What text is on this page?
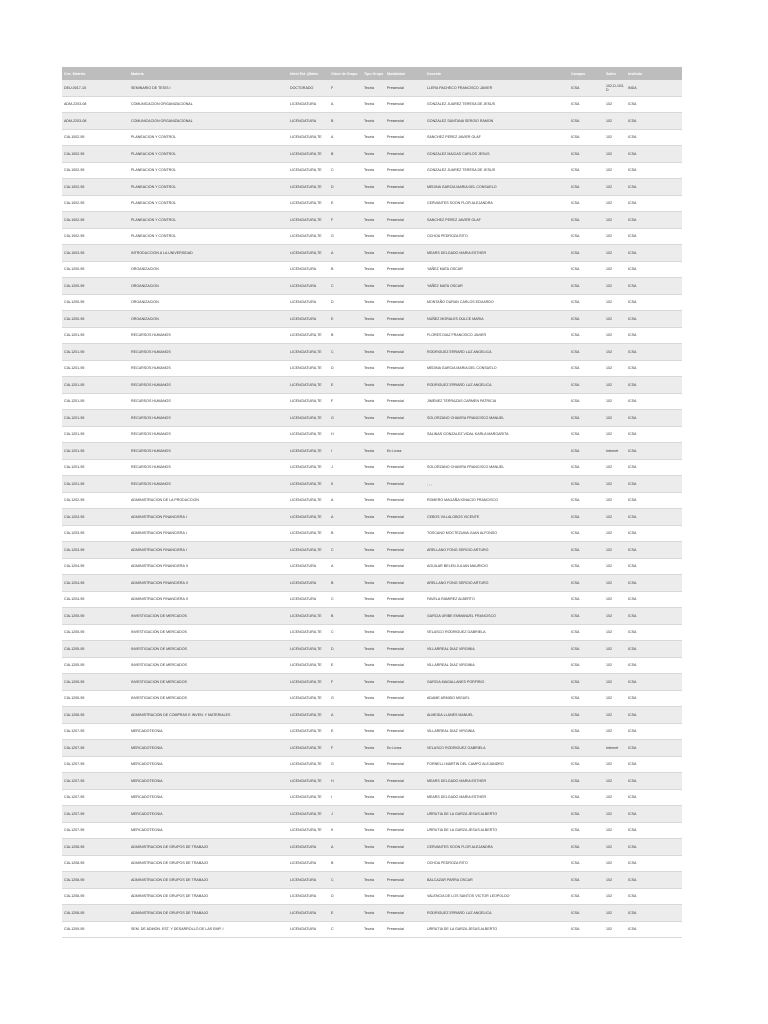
Cve. Materia	Materia	Nivel Est. (Mater.	Clave de Grupo	Tipo Grupo	Modalidad	Docente	Campus	Salón	Instituto
DEU-0017-15	SEMINARIO DE TESIS I	DOCTORADO	F	Teoría	Presencial	LLERA PACHECO FRANCISCO JAVIER	ICSA	102-D-103-D	INDA
ADM-2203-08	COMUNICACION ORGANIZACIONAL	LICENCIATURA	A	Teoría	Presencial	GONZALEZ JUAREZ TERESA DE JESUS	ICSA	102	ICSA
ADM-2203-08	COMUNICACION ORGANIZACIONAL	LICENCIATURA	B	Teoría	Presencial	GONZALEZ SANTANA SERGIO RAMON	ICSA	102	ICSA
CIA-1002-95	PLANEACION Y CONTROL	LICENCIATURA,TE	A	Teoría	Presencial	SANCHEZ PEREZ JAVIER OLAF	ICSA	102	ICSA
CIA-1002-95	PLANEACION Y CONTROL	LICENCIATURA,TE	B	Teoría	Presencial	GONZALEZ MACIAS CARLOS JESUS	ICSA	102	ICSA
CIA-1002-95	PLANEACION Y CONTROL	LICENCIATURA,TE	C	Teoría	Presencial	GONZALEZ JUAREZ TERESA DE JESUS	ICSA	102	ICSA
CIA-1002-95	PLANEACION Y CONTROL	LICENCIATURA,TE	D	Teoría	Presencial	MEDINA GARCIA MARIA DEL CONSUELO	ICSA	102	ICSA
CIA-1002-95	PLANEACION Y CONTROL	LICENCIATURA,TE	E	Teoría	Presencial	CERVANTES SOON FLOR ALEJANDRA	ICSA	102	ICSA
CIA-1002-95	PLANEACION Y CONTROL	LICENCIATURA,TE	F	Teoría	Presencial	SANCHEZ PEREZ JAVIER OLAF	ICSA	102	ICSA
CIA-1002-95	PLANEACION Y CONTROL	LICENCIATURA,TE	G	Teoría	Presencial	OCHOA PEDROZA RITO	ICSA	102	ICSA
CIA-1003-95	INTRODUCCION A LA UNIVERSIDAD	LICENCIATURA,TE	A	Teoría	Presencial	MEARS DELGADO MARIA ESTHER	ICSA	102	ICSA
CIA-1200-95	ORGANIZACION	LICENCIATURA	B	Teoría	Presencial	YAÑEZ MATA OSCAR	ICSA	102	ICSA
CIA-1200-95	ORGANIZACION	LICENCIATURA	C	Teoría	Presencial	YAÑEZ MATA OSCAR	ICSA	102	ICSA
CIA-1200-95	ORGANIZACION	LICENCIATURA	D	Teoría	Presencial	MONTAÑO DURAN CARLOS EDUARDO	ICSA	102	ICSA
CIA-1200-95	ORGANIZACION	LICENCIATURA	E	Teoría	Presencial	NUÑEZ MORALES DULCE MARIA	ICSA	102	ICSA
CIA-1201-95	RECURSOS HUMANOS	LICENCIATURA,TE	B	Teoría	Presencial	FLORES DIAZ FRANCISCO JAVIER	ICSA	102	ICSA
CIA-1201-95	RECURSOS HUMANOS	LICENCIATURA,TE	C	Teoría	Presencial	RODRIGUEZ ERRARD LUZ ANGELICA	ICSA	102	ICSA
CIA-1201-95	RECURSOS HUMANOS	LICENCIATURA,TE	D	Teoría	Presencial	MEDINA GARCIA MARIA DEL CONSUELO	ICSA	102	ICSA
CIA-1201-95	RECURSOS HUMANOS	LICENCIATURA,TE	E	Teoría	Presencial	RODRIGUEZ ERRARD LUZ ANGELICA	ICSA	102	ICSA
CIA-1201-95	RECURSOS HUMANOS	LICENCIATURA,TE	F	Teoría	Presencial	JIMENEZ TERRAZAS CARMEN PATRICIA	ICSA	102	ICSA
CIA-1201-95	RECURSOS HUMANOS	LICENCIATURA,TE	G	Teoría	Presencial	SOLORZANO CHAVIRA FRANCISCO MANUEL	ICSA	102	ICSA
CIA-1201-95	RECURSOS HUMANOS	LICENCIATURA,TE	H	Teoría	Presencial	SALINAS GONZALEZ VIDAL KARLA MARGARITA	ICSA	102	ICSA
CIA-1201-95	RECURSOS HUMANOS	LICENCIATURA,TE	I	Teoría	En Línea		ICSA	Internet	ICSA
CIA-1201-95	RECURSOS HUMANOS	LICENCIATURA,TE	J	Teoría	Presencial	SOLORZANO CHAVIRA FRANCISCO MANUEL	ICSA	102	ICSA
CIA-1201-95	RECURSOS HUMANOS	LICENCIATURA,TE	K	Teoría	Presencial	, , ,	ICSA	102	ICSA
CIA-1202-95	ADMINISTRACION DE LA PRODUCCION	LICENCIATURA,TE	A	Teoría	Presencial	ROMERO MAGAÑA IGNACIO FRANCISCO	ICSA	102	ICSA
CIA-1203-95	ADMINISTRACION FINANCIERA I	LICENCIATURA,TE	A	Teoría	Presencial	CEBOS VILLALOBOS VICENTE	ICSA	102	ICSA
CIA-1203-95	ADMINISTRACION FINANCIERA I	LICENCIATURA,TE	B	Teoría	Presencial	TOSCANO MOCTEZUMA JUAN ALFONSO	ICSA	102	ICSA
CIA-1203-95	ADMINISTRACION FINANCIERA I	LICENCIATURA,TE	C	Teoría	Presencial	ARELLANO FONG SERGIO ARTURO	ICSA	102	ICSA
CIA-1204-95	ADMINISTRACION FINANCIERA II	LICENCIATURA	A	Teoría	Presencial	AGUILAR BELEN JULIAN MAURICIO	ICSA	102	ICSA
CIA-1204-95	ADMINISTRACION FINANCIERA II	LICENCIATURA	B	Teoría	Presencial	ARELLANO FONG SERGIO ARTURO	ICSA	102	ICSA
CIA-1204-95	ADMINISTRACION FINANCIERA II	LICENCIATURA	C	Teoría	Presencial	FAVELA RAMIREZ ALBERTO	ICSA	102	ICSA
CIA-1205-95	INVESTIGACION DE MERCADOS	LICENCIATURA,TE	B	Teoría	Presencial	GARCIA URIBE EMMANUEL FRANCISCO	ICSA	102	ICSA
CIA-1205-95	INVESTIGACION DE MERCADOS	LICENCIATURA,TE	C	Teoría	Presencial	VELASCO RODRIGUEZ GABRIELA	ICSA	102	ICSA
CIA-1205-95	INVESTIGACION DE MERCADOS	LICENCIATURA,TE	D	Teoría	Presencial	VILLARREAL DIAZ VIRGINIA	ICSA	102	ICSA
CIA-1205-95	INVESTIGACION DE MERCADOS	LICENCIATURA,TE	E	Teoría	Presencial	VILLARREAL DIAZ VIRGINIA	ICSA	102	ICSA
CIA-1205-95	INVESTIGACION DE MERCADOS	LICENCIATURA,TE	F	Teoría	Presencial	GARCIA MAGALLANES PORFIRIO	ICSA	102	ICSA
CIA-1205-95	INVESTIGACION DE MERCADOS	LICENCIATURA,TE	G	Teoría	Presencial	ADAME ARMIDO MIGUEL	ICSA	102	ICSA
CIA-1206-95	ADMINISTRACION DE COMPRAS E INVEN. Y MATERIALES	LICENCIATURA,TE	A	Teoría	Presencial	ALMEIDA LLANES MANUEL	ICSA	102	ICSA
CIA-1207-95	MERCADOTECNIA	LICENCIATURA,TE	E	Teoría	Presencial	VILLARREAL DIAZ VIRGINIA	ICSA	102	ICSA
CIA-1207-95	MERCADOTECNIA	LICENCIATURA,TE	F	Teoría	En Línea	VELASCO RODRIGUEZ GABRIELA	ICSA	Internet	ICSA
CIA-1207-95	MERCADOTECNIA	LICENCIATURA,TE	G	Teoría	Presencial	FORNELLI MARTIN DEL CAMPO ALEJANDRO	ICSA	102	ICSA
CIA-1207-95	MERCADOTECNIA	LICENCIATURA,TE	H	Teoría	Presencial	MEARS DELGADO MARIA ESTHER	ICSA	102	ICSA
CIA-1207-95	MERCADOTECNIA	LICENCIATURA,TE	I	Teoría	Presencial	MEARS DELGADO MARIA ESTHER	ICSA	102	ICSA
CIA-1207-95	MERCADOTECNIA	LICENCIATURA,TE	J	Teoría	Presencial	URRUTIA DE LA GARZA JESUS ALBERTO	ICSA	102	ICSA
CIA-1207-95	MERCADOTECNIA	LICENCIATURA,TE	K	Teoría	Presencial	URRUTIA DE LA GARZA JESUS ALBERTO	ICSA	102	ICSA
CIA-1208-95	ADMINISTRACION DE GRUPOS DE TRABAJO	LICENCIATURA	A	Teoría	Presencial	CERVANTES SOON FLOR ALEJANDRA	ICSA	102	ICSA
CIA-1208-95	ADMINISTRACION DE GRUPOS DE TRABAJO	LICENCIATURA	B	Teoría	Presencial	OCHOA PEDROZA RITO	ICSA	102	ICSA
CIA-1208-95	ADMINISTRACION DE GRUPOS DE TRABAJO	LICENCIATURA	C	Teoría	Presencial	BALCAZAR PARRA OSCAR	ICSA	102	ICSA
CIA-1208-95	ADMINISTRACION DE GRUPOS DE TRABAJO	LICENCIATURA	D	Teoría	Presencial	VALENCIA DE LOS SANTOS VICTOR LEOPOLDO	ICSA	102	ICSA
CIA-1208-95	ADMINISTRACION DE GRUPOS DE TRABAJO	LICENCIATURA	E	Teoría	Presencial	RODRIGUEZ ERRARD LUZ ANGELICA	ICSA	102	ICSA
CIA-1209-95	SEM. DE ADMON. EST. Y DESARROLLO DE LAS EMP. I	LICENCIATURA	C	Teoría	Presencial	URRUTIA DE LA GARZA JESUS ALBERTO	ICSA	102	ICSA
